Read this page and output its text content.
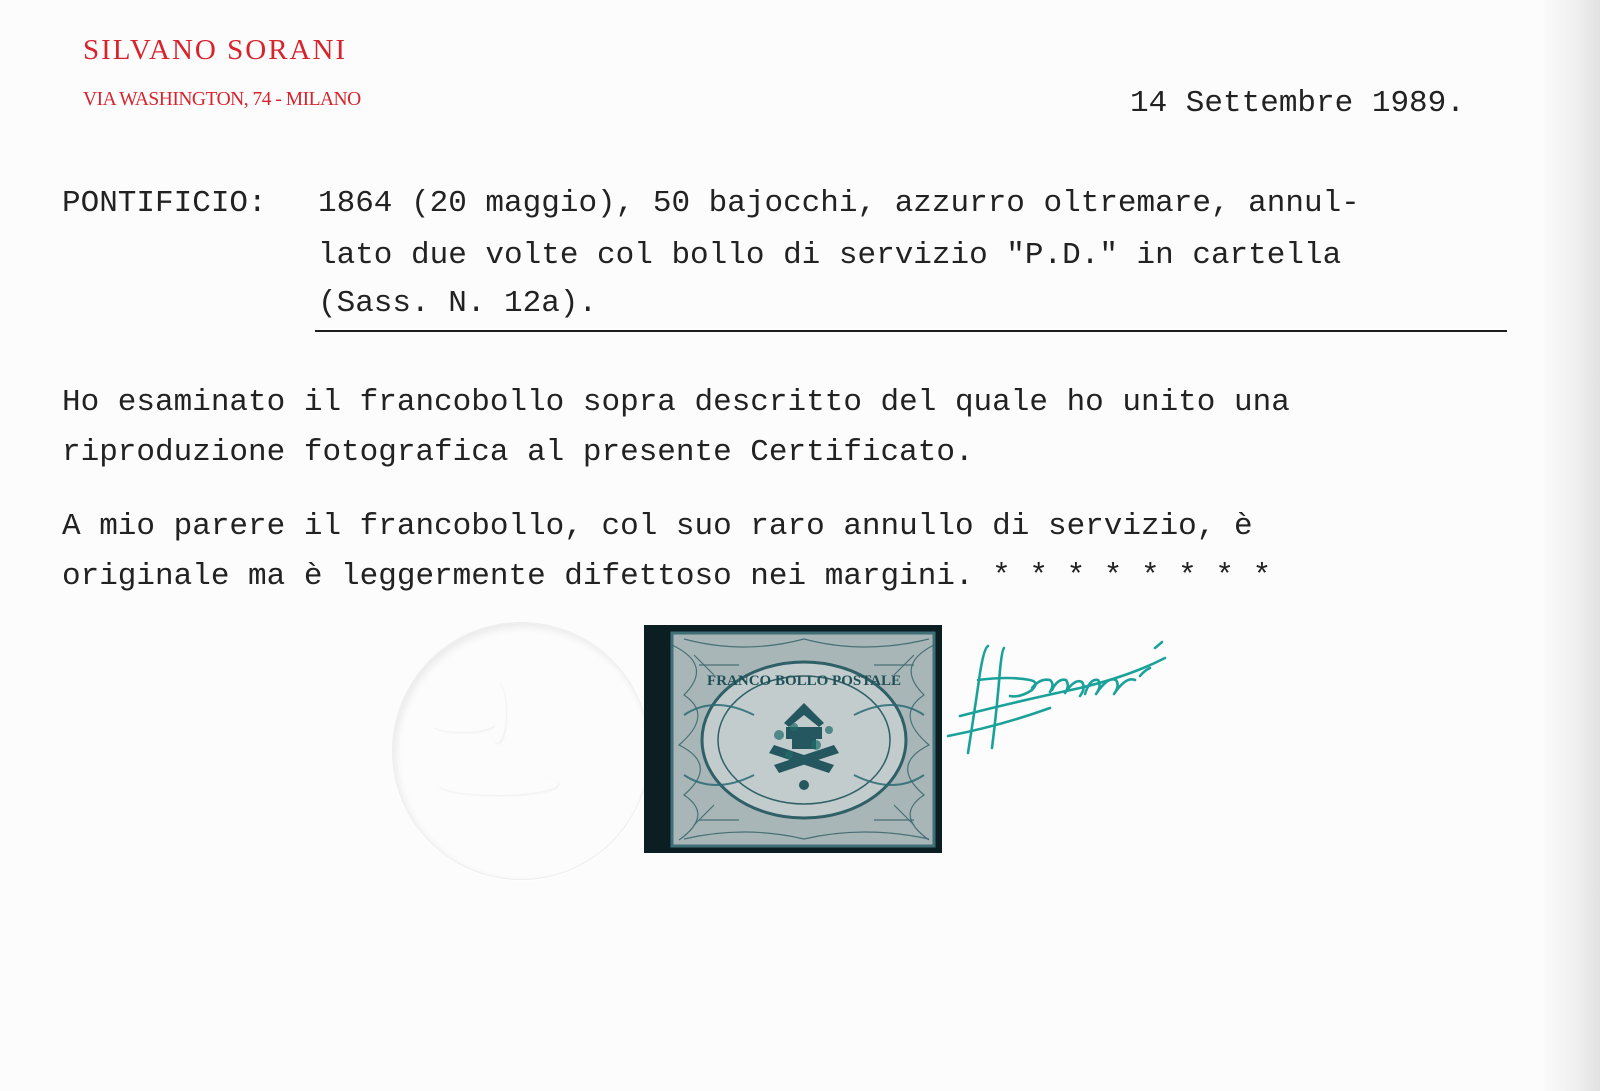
SILVANO SORANI
VIA WASHINGTON, 74 - MILANO	14 Settembre 1989.
PONTIFICIO: 1864 (20 maggio), 50 bajocchi, azzurro oltremare, annul-
lato due volte col bollo di servizio "P.D." in cartella
(Sass. N. 12a).
Ho esaminato il francobollo sopra descritto del quale ho unito una
riproduzione fotografica al presente Certificato.
A mio parere il francobollo, col suo raro annullo di servizio, è
originale ma è leggermente difettoso nei margini. * * * * * * * *
FRANCO BOLLO POSTALE
